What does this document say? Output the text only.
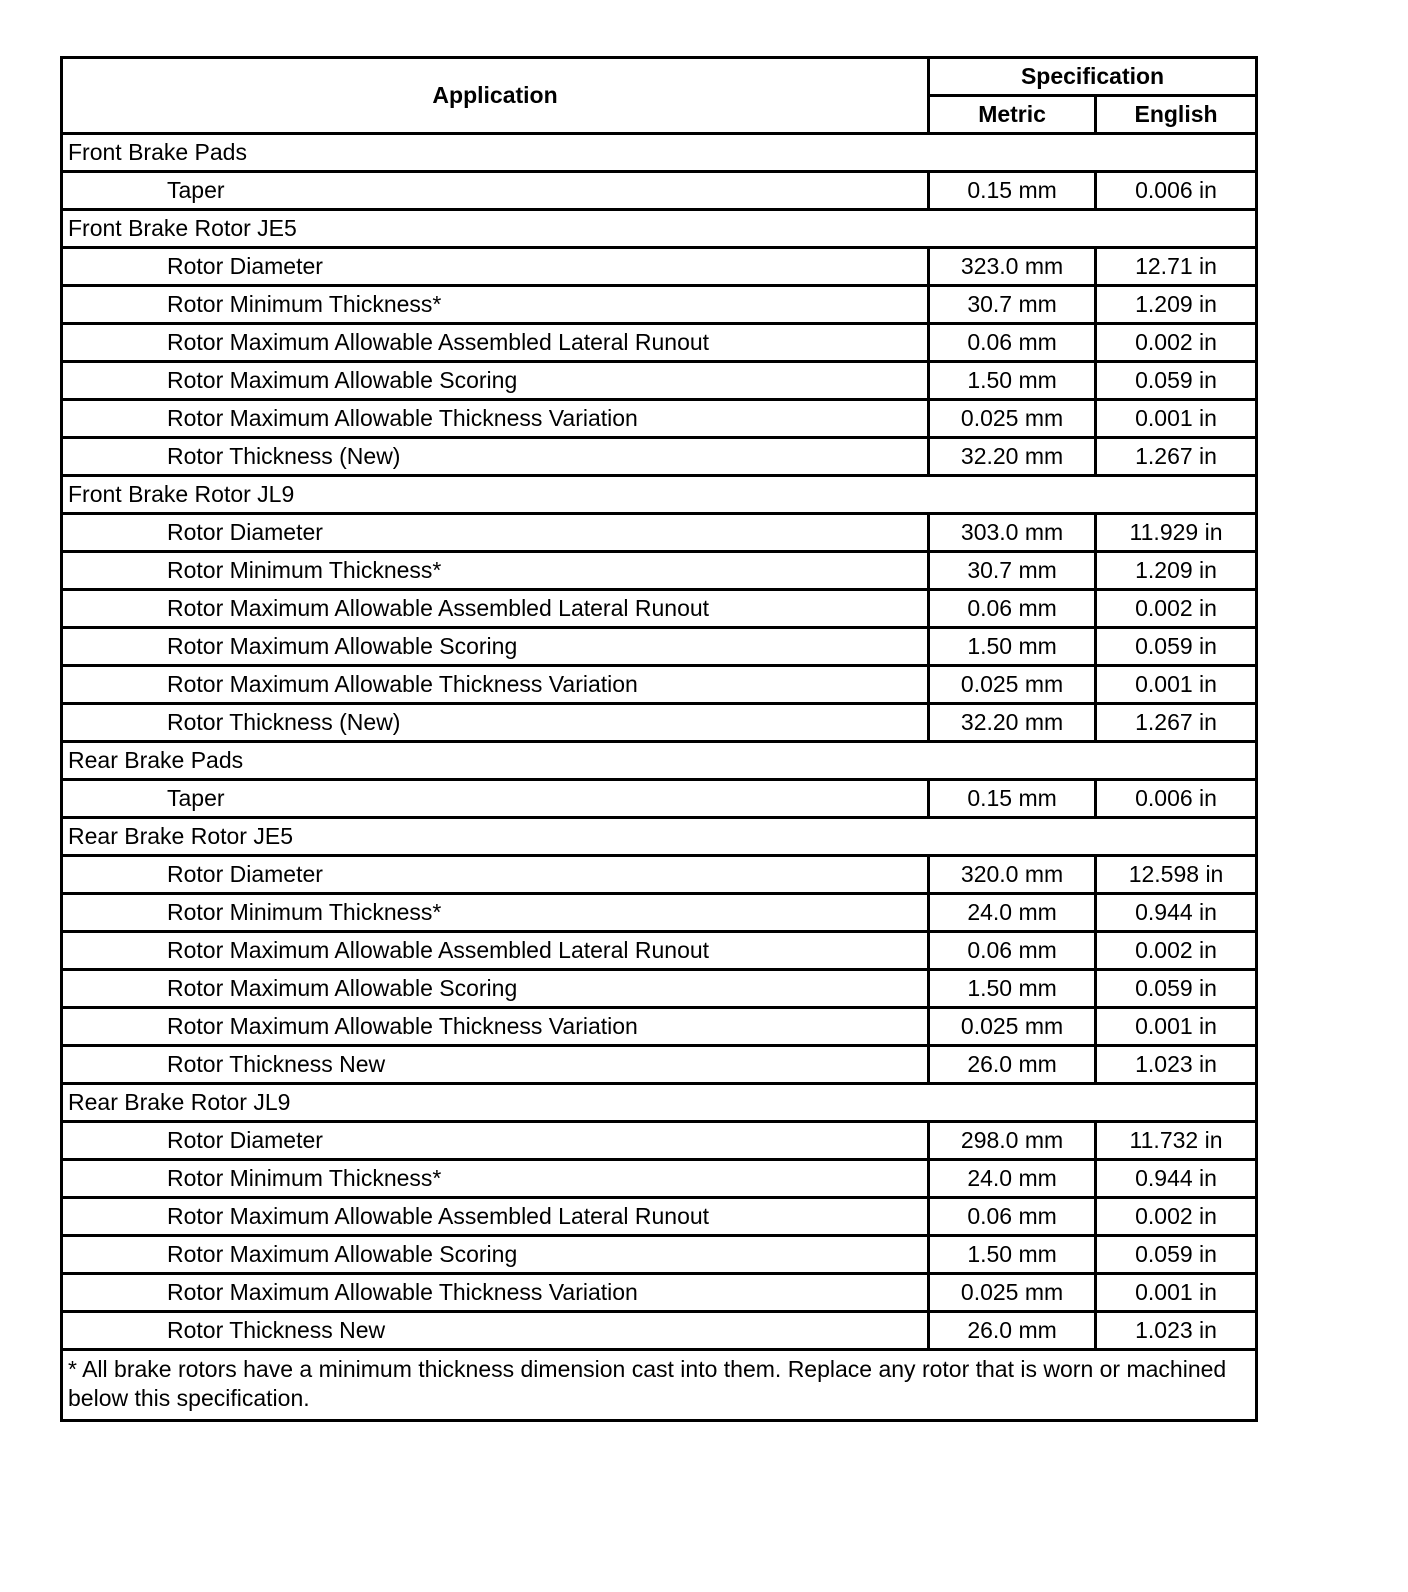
Application	Specification	
	Metric	English
Front Brake Pads		
Taper	0.15 mm	0.006 in
Front Brake Rotor JE5		
Rotor Diameter	323.0 mm	12.71 in
Rotor Minimum Thickness*	30.7 mm	1.209 in
Rotor Maximum Allowable Assembled Lateral Runout	0.06 mm	0.002 in
Rotor Maximum Allowable Scoring	1.50 mm	0.059 in
Rotor Maximum Allowable Thickness Variation	0.025 mm	0.001 in
Rotor Thickness (New)	32.20 mm	1.267 in
Front Brake Rotor JL9		
Rotor Diameter	303.0 mm	11.929 in
Rotor Minimum Thickness*	30.7 mm	1.209 in
Rotor Maximum Allowable Assembled Lateral Runout	0.06 mm	0.002 in
Rotor Maximum Allowable Scoring	1.50 mm	0.059 in
Rotor Maximum Allowable Thickness Variation	0.025 mm	0.001 in
Rotor Thickness (New)	32.20 mm	1.267 in
Rear Brake Pads		
Taper	0.15 mm	0.006 in
Rear Brake Rotor JE5		
Rotor Diameter	320.0 mm	12.598 in
Rotor Minimum Thickness*	24.0 mm	0.944 in
Rotor Maximum Allowable Assembled Lateral Runout	0.06 mm	0.002 in
Rotor Maximum Allowable Scoring	1.50 mm	0.059 in
Rotor Maximum Allowable Thickness Variation	0.025 mm	0.001 in
Rotor Thickness New	26.0 mm	1.023 in
Rear Brake Rotor JL9		
Rotor Diameter	298.0 mm	11.732 in
Rotor Minimum Thickness*	24.0 mm	0.944 in
Rotor Maximum Allowable Assembled Lateral Runout	0.06 mm	0.002 in
Rotor Maximum Allowable Scoring	1.50 mm	0.059 in
Rotor Maximum Allowable Thickness Variation	0.025 mm	0.001 in
Rotor Thickness New	26.0 mm	1.023 in
* All brake rotors have a minimum thickness dimension cast into them. Replace any rotor that is worn or machined below this specification.		
